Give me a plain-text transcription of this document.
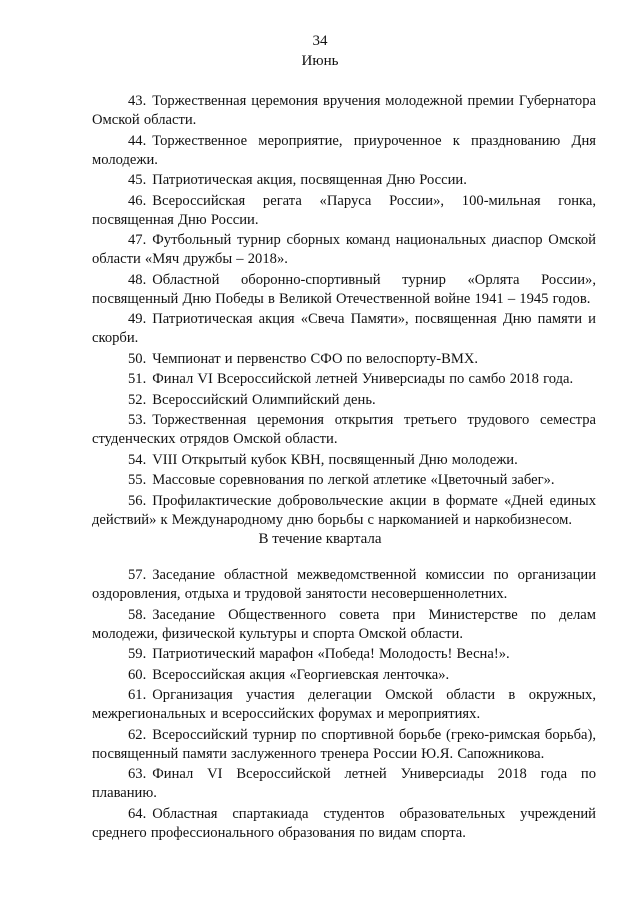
34
Июнь

43. Торжественная церемония вручения молодежной премии Губернатора Омской области.

44. Торжественное мероприятие, приуроченное к празднованию Дня молодежи.

45. Патриотическая акция, посвященная Дню России.

46. Всероссийская регата «Паруса России», 100-мильная гонка, посвященная Дню России.

47. Футбольный турнир сборных команд национальных диаспор Омской области «Мяч дружбы – 2018».

48. Областной оборонно-спортивный турнир «Орлята России», посвященный Дню Победы в Великой Отечественной войне 1941 – 1945 годов.

49. Патриотическая акция «Свеча Памяти», посвященная Дню памяти и скорби.

50. Чемпионат и первенство СФО по велоспорту-BMX.

51. Финал VI Всероссийской летней Универсиады по самбо 2018 года.

52. Всероссийский Олимпийский день.

53. Торжественная церемония открытия третьего трудового семестра студенческих отрядов Омской области.

54. VIII Открытый кубок КВН, посвященный Дню молодежи.

55. Массовые соревнования по легкой атлетике «Цветочный забег».

56. Профилактические добровольческие акции в формате «Дней единых действий» к Международному дню борьбы с наркоманией и наркобизнесом.

В течение квартала

57. Заседание областной межведомственной комиссии по организации оздоровления, отдыха и трудовой занятости несовершеннолетних.

58. Заседание Общественного совета при Министерстве по делам молодежи, физической культуры и спорта Омской области.

59. Патриотический марафон «Победа! Молодость! Весна!».

60. Всероссийская акция «Георгиевская ленточка».

61. Организация участия делегации Омской области в окружных, межрегиональных и всероссийских форумах и мероприятиях.

62. Всероссийский турнир по спортивной борьбе (греко-римская борьба), посвященный памяти заслуженного тренера России Ю.Я. Сапожникова.

63. Финал VI Всероссийской летней Универсиады 2018 года по плаванию.

64. Областная спартакиада студентов образовательных учреждений среднего профессионального образования по видам спорта.
